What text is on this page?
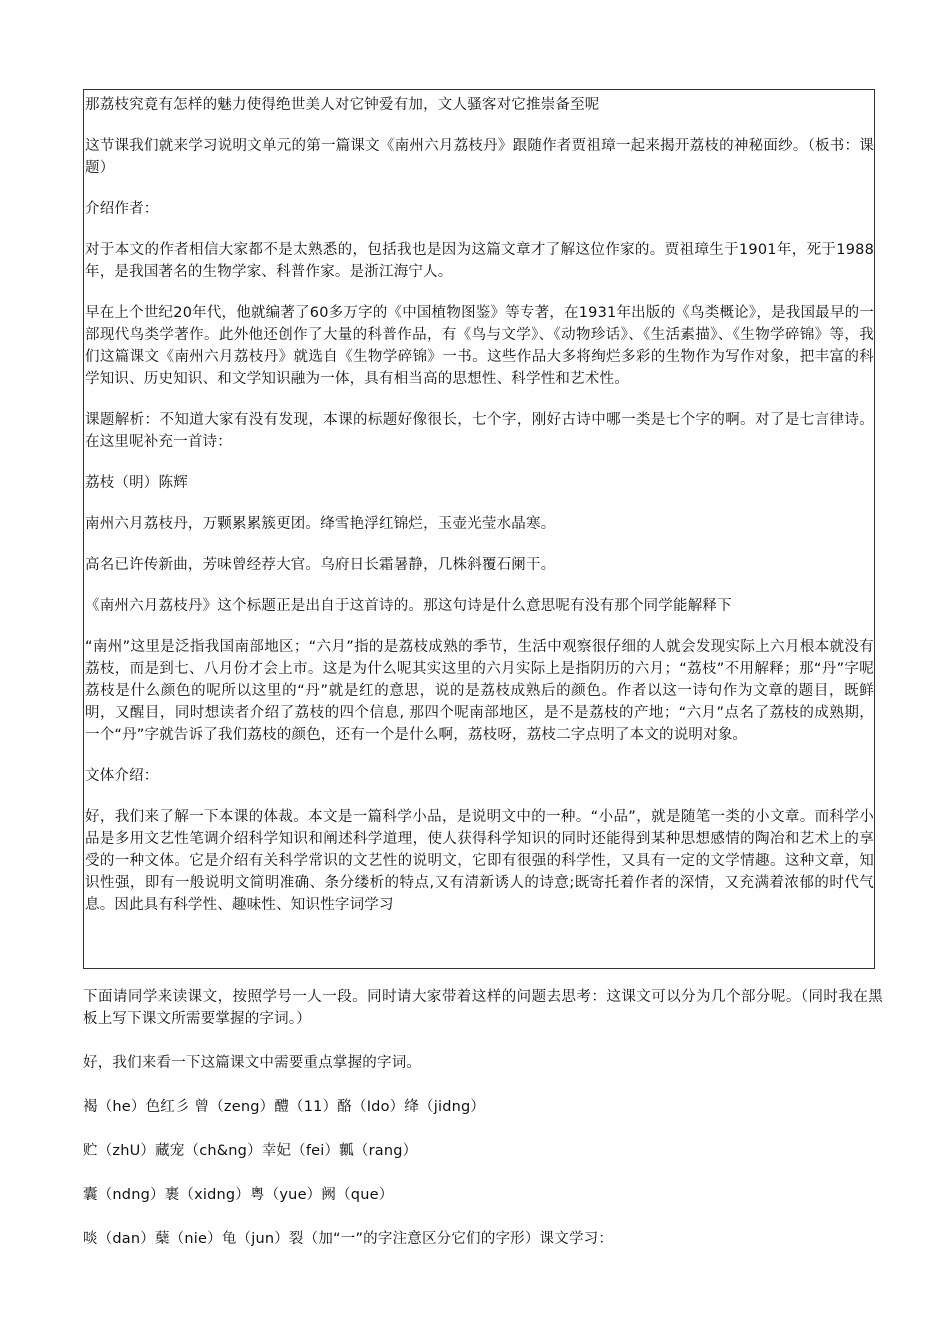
那荔枝究竟有怎样的魅力使得绝世美人对它钟爱有加，文人骚客对它推崇备至呢

这节课我们就来学习说明文单元的第一篇课文《南州六月荔枝丹》跟随作者贾祖璋一起来揭开荔枝的神秘面纱。（板书：课题）

介绍作者：

对于本文的作者相信大家都不是太熟悉的，包括我也是因为这篇文章才了解这位作家的。贾祖璋生于1901年，死于1988年，是我国著名的生物学家、科普作家。是浙江海宁人。

早在上个世纪20年代，他就编著了60多万字的《中国植物图鉴》等专著，在1931年出版的《鸟类概论》，是我国最早的一部现代鸟类学著作。此外他还创作了大量的科普作品，有《鸟与文学》、《动物珍话》、《生活素描》、《生物学碎锦》等，我们这篇课文《南州六月荔枝丹》就选自《生物学碎锦》一书。这些作品大多将绚烂多彩的生物作为写作对象，把丰富的科学知识、历史知识、和文学知识融为一体，具有相当高的思想性、科学性和艺术性。

课题解析：不知道大家有没有发现，本课的标题好像很长，七个字，刚好古诗中哪一类是七个字的啊。对了是七言律诗。在这里呢补充一首诗：

荔枝（明）陈辉

南州六月荔枝丹，万颗累累簇更团。绛雪艳浮红锦烂，玉壶光莹水晶寒。

高名已许传新曲，芳味曾经荐大官。乌府日长霜暑静，几株斜覆石阑干。

《南州六月荔枝丹》这个标题正是出自于这首诗的。那这句诗是什么意思呢有没有那个同学能解释下

“南州”这里是泛指我国南部地区；“六月”指的是荔枝成熟的季节，生活中观察很仔细的人就会发现实际上六月根本就没有荔枝，而是到七、八月份才会上市。这是为什么呢其实这里的六月实际上是指阴历的六月；“荔枝”不用解释；那“丹”字呢荔枝是什么颜色的呢所以这里的“丹”就是红的意思，说的是荔枝成熟后的颜色。作者以这一诗句作为文章的题目，既鲜明，又醒目，同时想读者介绍了荔枝的四个信息, 那四个呢南部地区，是不是荔枝的产地；“六月”点名了荔枝的成熟期，一个“丹”字就告诉了我们荔枝的颜色，还有一个是什么啊，荔枝呀，荔枝二字点明了本文的说明对象。

文体介绍：

好，我们来了解一下本课的体裁。本文是一篇科学小品，是说明文中的一种。“小品”，就是随笔一类的小文章。而科学小品是多用文艺性笔调介绍科学知识和阐述科学道理，使人获得科学知识的同时还能得到某种思想感情的陶冶和艺术上的享受的一种文体。它是介绍有关科学常识的文艺性的说明文，它即有很强的科学性，又具有一定的文学情趣。这种文章，知识性强，即有一般说明文简明准确、条分缕析的特点,又有清新诱人的诗意;既寄托着作者的深情，又充满着浓郁的时代气息。因此具有科学性、趣味性、知识性字词学习

下面请同学来读课文，按照学号一人一段。同时请大家带着这样的问题去思考：这课文可以分为几个部分呢。（同时我在黑板上写下课文所需要掌握的字词。）

好，我们来看一下这篇课文中需要重点掌握的字词。

褐（he）色红彡 曾（zeng）醴（11）酪（Ido）绛（jidng）

贮（zhU）藏宠（ch&ng）幸妃（fei）瓤（rang）

囊（ndng）裹（xidng）粤（yue）阙（que）

啖（dan）蘖（nie）龟（jun）裂（加“一”的字注意区分它们的字形）课文学习：
